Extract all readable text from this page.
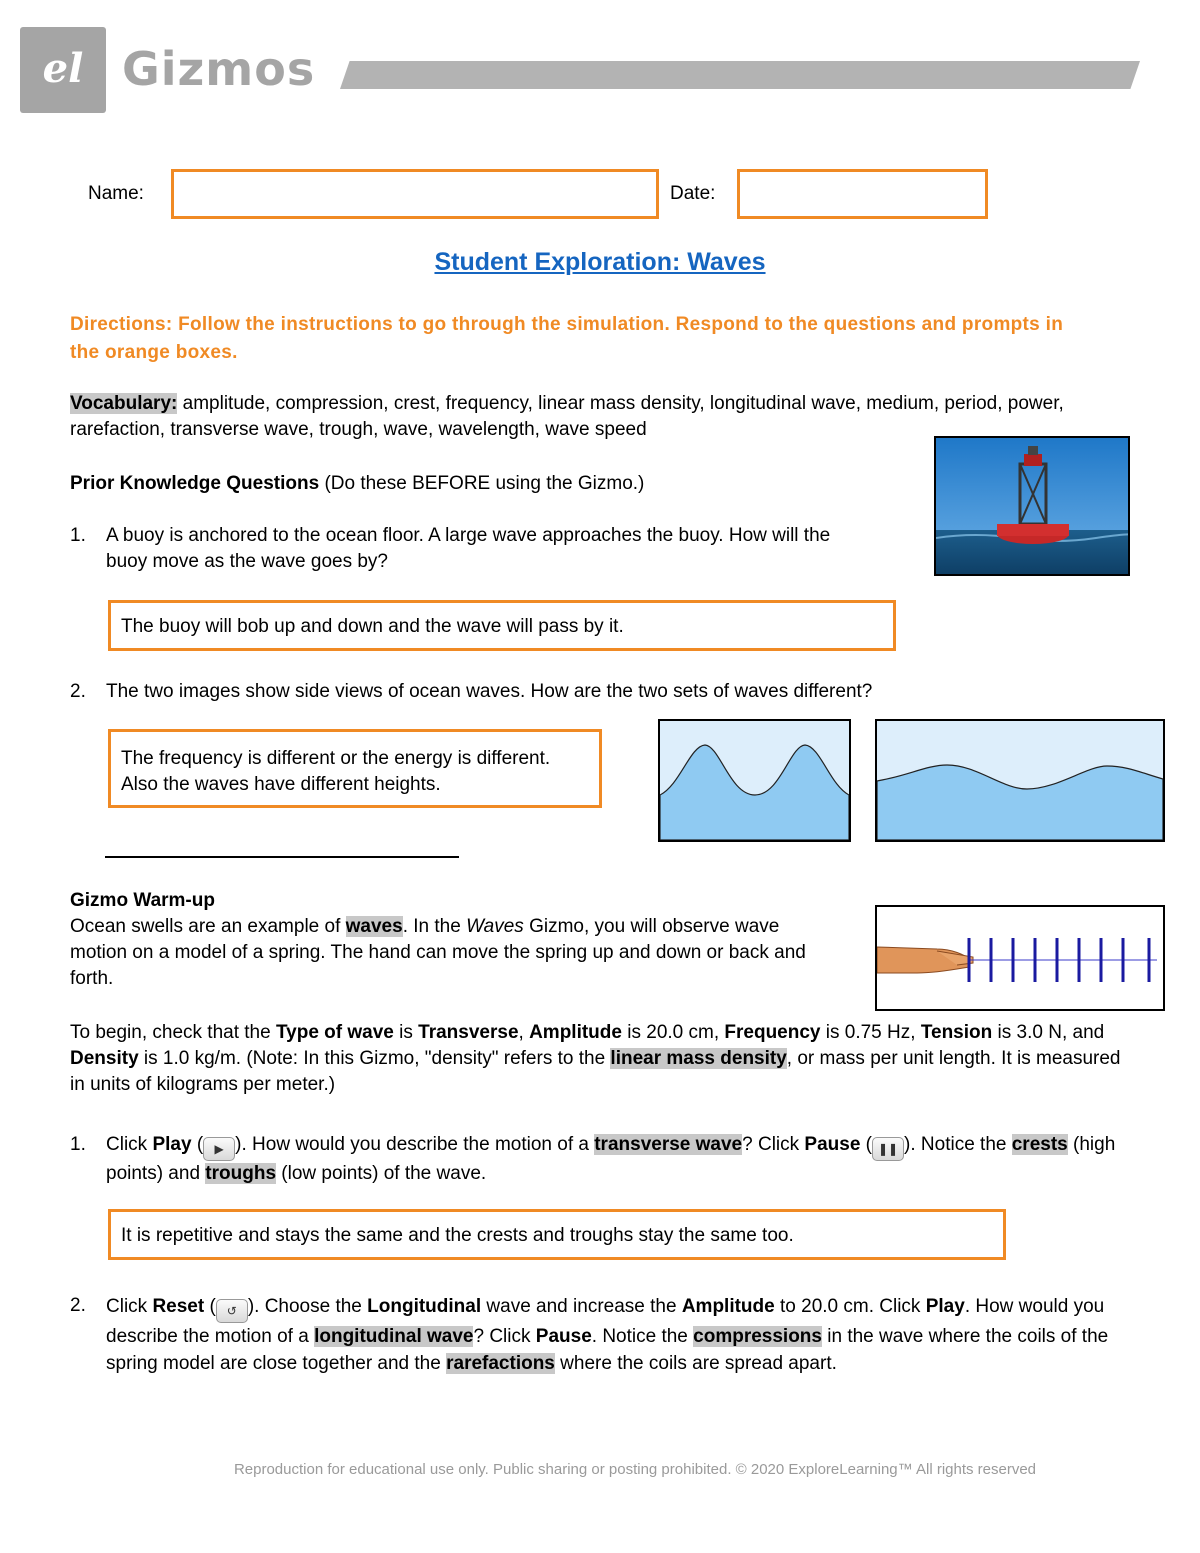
el Gizmos
Name:	Date:
Student Exploration: Waves
Directions: Follow the instructions to go through the simulation. Respond to the questions and prompts in the orange boxes.
Vocabulary: amplitude, compression, crest, frequency, linear mass density, longitudinal wave, medium, period, power, rarefaction, transverse wave, trough, wave, wavelength, wave speed
Prior Knowledge Questions (Do these BEFORE using the Gizmo.)
1. A buoy is anchored to the ocean floor. A large wave approaches the buoy. How will the buoy move as the wave goes by?
The buoy will bob up and down and the wave will pass by it.
2. The two images show side views of ocean waves. How are the two sets of waves different?
The frequency is different or the energy is different. Also the waves have different heights.
Gizmo Warm-up
Ocean swells are an example of waves. In the Waves Gizmo, you will observe wave motion on a model of a spring. The hand can move the spring up and down or back and forth.
To begin, check that the Type of wave is Transverse, Amplitude is 20.0 cm, Frequency is 0.75 Hz, Tension is 3.0 N, and Density is 1.0 kg/m. (Note: In this Gizmo, "density" refers to the linear mass density, or mass per unit length. It is measured in units of kilograms per meter.)
1. Click Play ( ▶ ). How would you describe the motion of a transverse wave? Click Pause ( ❚❚ ). Notice the crests (high points) and troughs (low points) of the wave.
It is repetitive and stays the same and the crests and troughs stay the same too.
2. Click Reset ( ↺ ). Choose the Longitudinal wave and increase the Amplitude to 20.0 cm. Click Play. How would you describe the motion of a longitudinal wave? Click Pause. Notice the compressions in the wave where the coils of the spring model are close together and the rarefactions where the coils are spread apart.
Reproduction for educational use only. Public sharing or posting prohibited. © 2020 ExploreLearning™ All rights reserved
